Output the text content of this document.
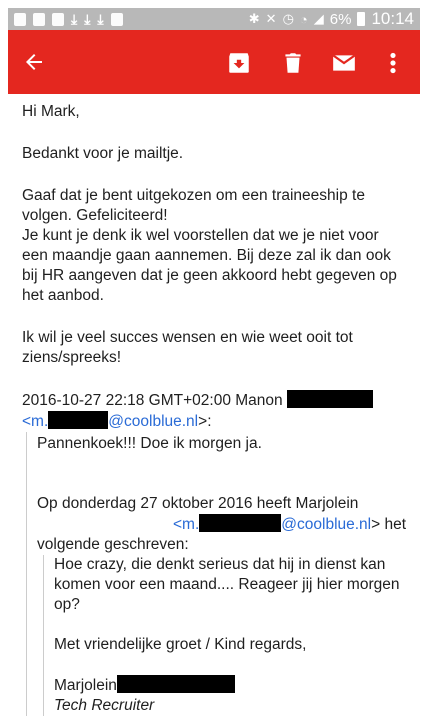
⤓ ⤓ ⤓	✱ ✕ ◷ ◔ ◢ 6% 10:14
Hi Mark,
Bedankt voor je mailtje.
Gaaf dat je bent uitgekozen om een traineeship te
volgen. Gefeliciteerd!
Je kunt je denk ik wel voorstellen dat we je niet voor
een maandje gaan aannemen. Bij deze zal ik dan ook
bij HR aangeven dat je geen akkoord hebt gegeven op
het aanbod.
Ik wil je veel succes wensen en wie weet ooit tot
ziens/spreeks!
2016-10-27 22:18 GMT+02:00 Manon
<m.	@coolblue.nl>:
Pannenkoek!!! Doe ik morgen ja.
Op donderdag 27 oktober 2016 heeft Marjolein
<m.	@coolblue.nl> het
volgende geschreven:
Hoe crazy, die denkt serieus dat hij in dienst kan
komen voor een maand.... Reageer jij hier morgen
op?
Met vriendelijke groet / Kind regards,
Marjolein
Tech Recruiter
